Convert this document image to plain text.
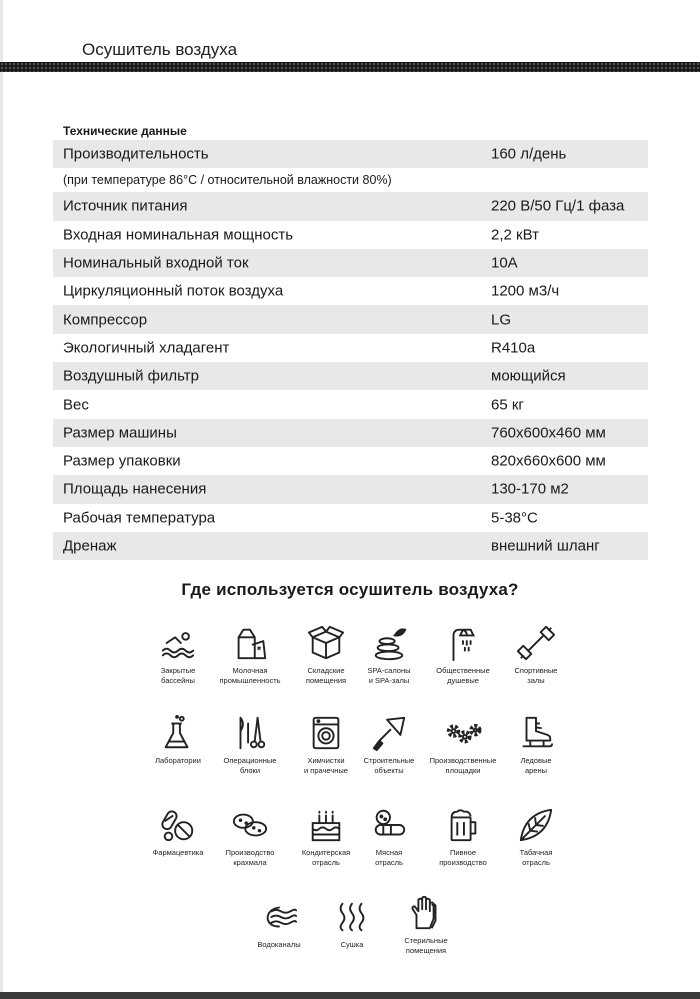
Осушитель воздуха
Технические данные
Производительность	160 л/день
(при температуре 86°C / относительной влажности 80%)
Источник питания	220 В/50 Гц/1 фаза
Входная номинальная мощность	2,2 кВт
Номинальный входной ток	10А
Циркуляционный поток воздуха	1200 м3/ч
Компрессор	LG
Экологичный хладагент	R410a
Воздушный фильтр	моющийся
Вес	65 кг
Размер машины	760x600x460 мм
Размер упаковки	820x660x600 мм
Площадь нанесения	130-170 м2
Рабочая температура	5-38°C
Дренаж	внешний шланг
Где используется осушитель воздуха?
Закрытые
бассейны
Молочная
промышленность
Складские
помещения
SPA-салоны
и SPA-залы
Общественные
душевые
Спортивные
залы
Лаборатории	Операционные
блоки
Химчистки
и прачечные
Строительные
объекты
Производственные
площадки
Ледовые
арены
Фармацевтика	Производство
крахмала
Кондитерская
отрасль
Мясная
отрасль
Пивное
производство
Табачная
отрасль
Водоканалы	Сушка	Стерильные
помещения
